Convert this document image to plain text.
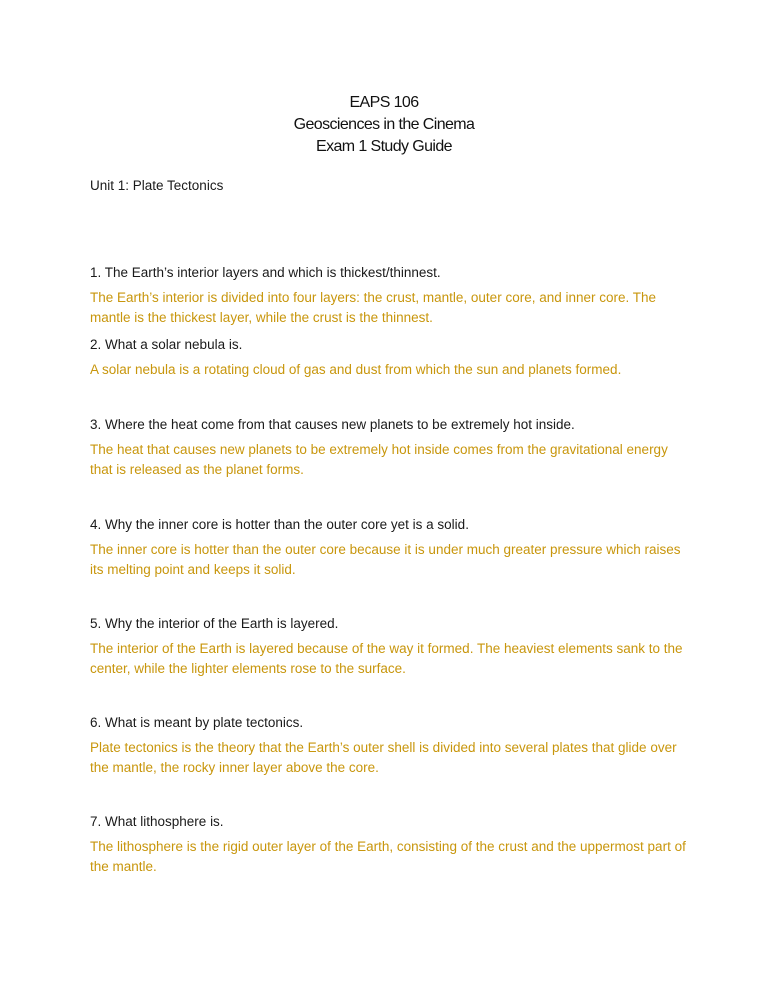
EAPS 106
Geosciences in the Cinema
Exam 1 Study Guide
Unit 1: Plate Tectonics

1. The Earth’s interior layers and which is thickest/thinnest.

The Earth’s interior is divided into four layers: the crust, mantle, outer core, and inner core. The mantle is the thickest layer, while the crust is the thinnest.

2. What a solar nebula is.

A solar nebula is a rotating cloud of gas and dust from which the sun and planets formed.

3. Where the heat come from that causes new planets to be extremely hot inside.

The heat that causes new planets to be extremely hot inside comes from the gravitational energy that is released as the planet forms.

4. Why the inner core is hotter than the outer core yet is a solid.

The inner core is hotter than the outer core because it is under much greater pressure which raises its melting point and keeps it solid.

5. Why the interior of the Earth is layered.

The interior of the Earth is layered because of the way it formed. The heaviest elements sank to the center, while the lighter elements rose to the surface.

6. What is meant by plate tectonics.

Plate tectonics is the theory that the Earth’s outer shell is divided into several plates that glide over the mantle, the rocky inner layer above the core.

7. What lithosphere is.

The lithosphere is the rigid outer layer of the Earth, consisting of the crust and the uppermost part of the mantle.
